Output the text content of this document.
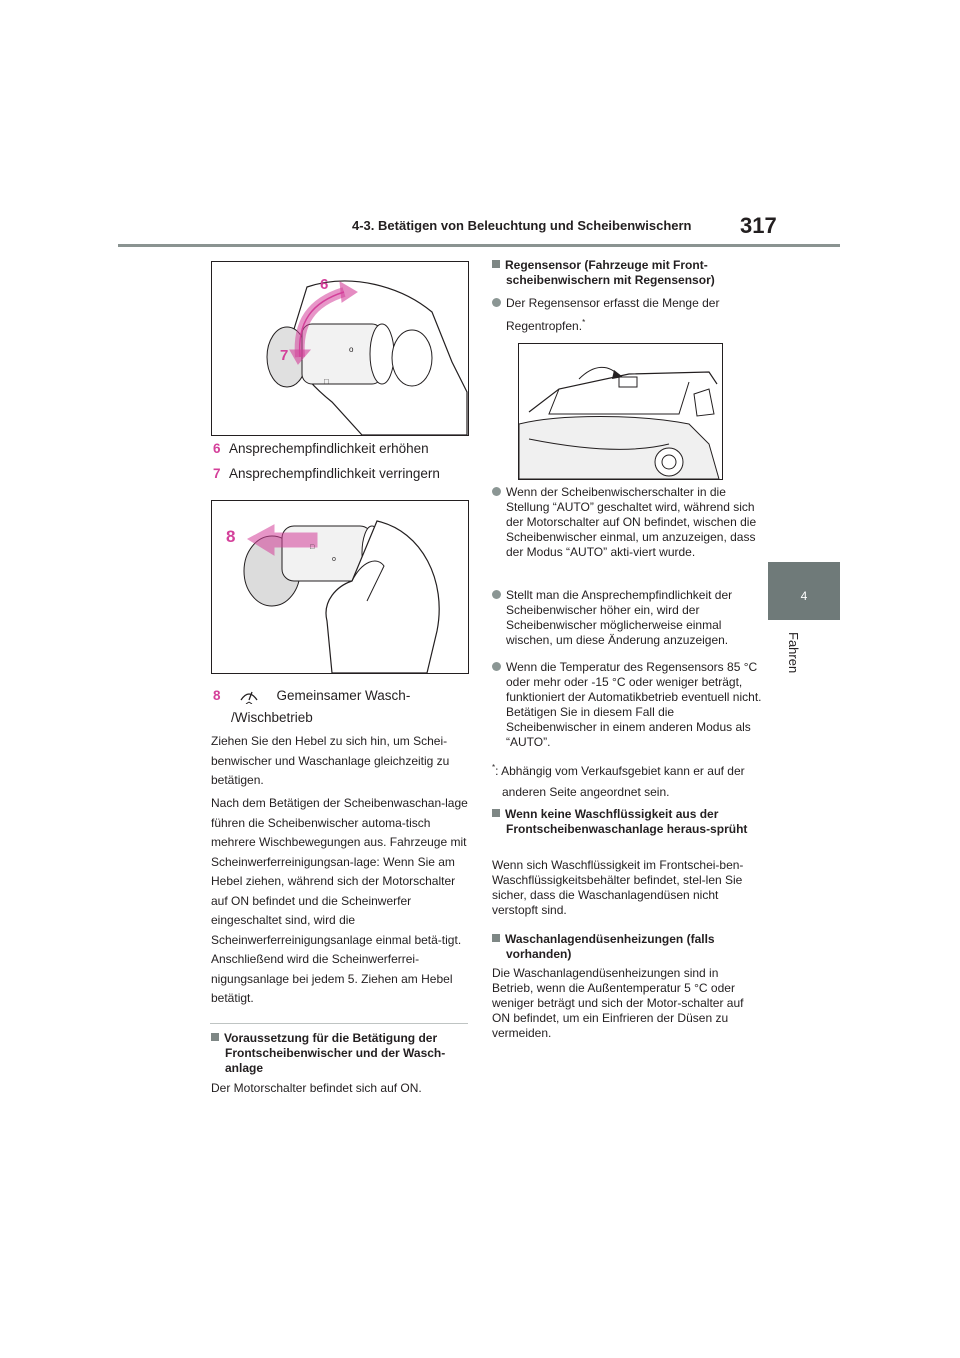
4-3. Betätigen von Beleuchtung und Scheibenwischern 317
4
Fahren
□
o
6
7
6 Ansprechempfindlichkeit erhöhen
7 Ansprechempfindlichkeit verringern
□
o
8
8	Gemeinsamer Wasch-
/Wischbetrieb
Ziehen Sie den Hebel zu sich hin, um Schei-benwischer und Waschanlage gleichzeitig zu betätigen.
Nach dem Betätigen der Scheibenwaschan-lage führen die Scheibenwischer automa-tisch mehrere Wischbewegungen aus. Fahrzeuge mit Scheinwerferreinigungsan-lage: Wenn Sie am Hebel ziehen, während sich der Motorschalter auf ON befindet und die Scheinwerfer eingeschaltet sind, wird die Scheinwerferreinigungsanlage einmal betä-tigt. Anschließend wird die Scheinwerferrei-nigungsanlage bei jedem 5. Ziehen am Hebel betätigt.
Voraussetzung für die Betätigung der Frontscheibenwischer und der Wasch-anlage
Der Motorschalter befindet sich auf ON.
Regensensor (Fahrzeuge mit Front-scheibenwischern mit Regensensor)
Der Regensensor erfasst die Menge der Regentropfen.*
Wenn der Scheibenwischerschalter in die Stellung “AUTO” geschaltet wird, während sich der Motorschalter auf ON befindet, wischen die Scheibenwischer einmal, um anzuzeigen, dass der Modus “AUTO” akti-viert wurde.
Stellt man die Ansprechempfindlichkeit der Scheibenwischer höher ein, wird der Scheibenwischer möglicherweise einmal wischen, um diese Änderung anzuzeigen.
Wenn die Temperatur des Regensensors 85 °C oder mehr oder -15 °C oder weniger beträgt, funktioniert der Automatikbetrieb eventuell nicht. Betätigen Sie in diesem Fall die Scheibenwischer in einem anderen Modus als “AUTO”.
*: Abhängig vom Verkaufsgebiet kann er auf der anderen Seite angeordnet sein.
Wenn keine Waschflüssigkeit aus der Frontscheibenwaschanlage heraus-sprüht
Wenn sich Waschflüssigkeit im Frontschei-ben-Waschflüssigkeitsbehälter befindet, stel-len Sie sicher, dass die Waschanlagendüsen nicht verstopft sind.
Waschanlagendüsenheizungen (falls vorhanden)
Die Waschanlagendüsenheizungen sind in Betrieb, wenn die Außentemperatur 5 °C oder weniger beträgt und sich der Motor-schalter auf ON befindet, um ein Einfrieren der Düsen zu vermeiden.
